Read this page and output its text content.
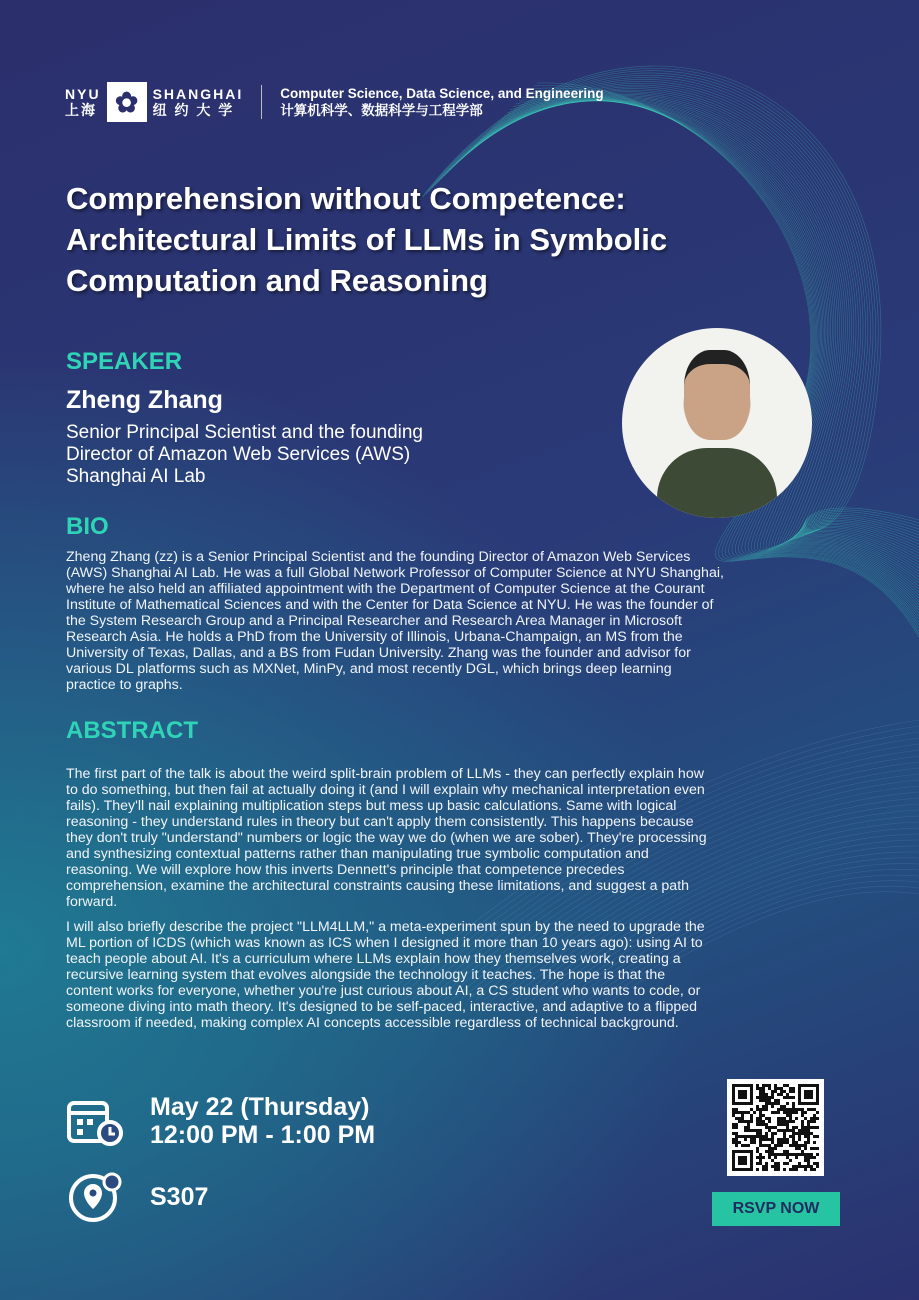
NYU
上海 ✿	SHANGHAI
纽 约 大 学
Computer Science, Data Science, and Engineering
计算机科学、数据科学与工程学部
Comprehension without Competence:
Architectural Limits of LLMs in Symbolic
Computation and Reasoning
SPEAKER
Zheng Zhang
Senior Principal Scientist and the founding
Director of Amazon Web Services (AWS)
Shanghai AI Lab
BIO
Zheng Zhang (zz) is a Senior Principal Scientist and the founding Director of Amazon Web Services
(AWS) Shanghai AI Lab. He was a full Global Network Professor of Computer Science at NYU Shanghai,
where he also held an affiliated appointment with the Department of Computer Science at the Courant
Institute of Mathematical Sciences and with the Center for Data Science at NYU. He was the founder of
the System Research Group and a Principal Researcher and Research Area Manager in Microsoft
Research Asia. He holds a PhD from the University of Illinois, Urbana-Champaign, an MS from the
University of Texas, Dallas, and a BS from Fudan University. Zhang was the founder and advisor for
various DL platforms such as MXNet, MinPy, and most recently DGL, which brings deep learning
practice to graphs.
ABSTRACT
The first part of the talk is about the weird split-brain problem of LLMs - they can perfectly explain how
to do something, but then fail at actually doing it (and I will explain why mechanical interpretation even
fails). They'll nail explaining multiplication steps but mess up basic calculations. Same with logical
reasoning - they understand rules in theory but can't apply them consistently. This happens because
they don't truly "understand" numbers or logic the way we do (when we are sober). They're processing
and synthesizing contextual patterns rather than manipulating true symbolic computation and
reasoning. We will explore how this inverts Dennett's principle that competence precedes
comprehension, examine the architectural constraints causing these limitations, and suggest a path
forward.
I will also briefly describe the project "LLM4LLM," a meta-experiment spun by the need to upgrade the
ML portion of ICDS (which was known as ICS when I designed it more than 10 years ago): using AI to
teach people about AI. It's a curriculum where LLMs explain how they themselves work, creating a
recursive learning system that evolves alongside the technology it teaches. The hope is that the
content works for everyone, whether you're just curious about AI, a CS student who wants to code, or
someone diving into math theory. It's designed to be self-paced, interactive, and adaptive to a flipped
classroom if needed, making complex AI concepts accessible regardless of technical background.
May 22 (Thursday)
12:00 PM - 1:00 PM
S307	RSVP NOW
